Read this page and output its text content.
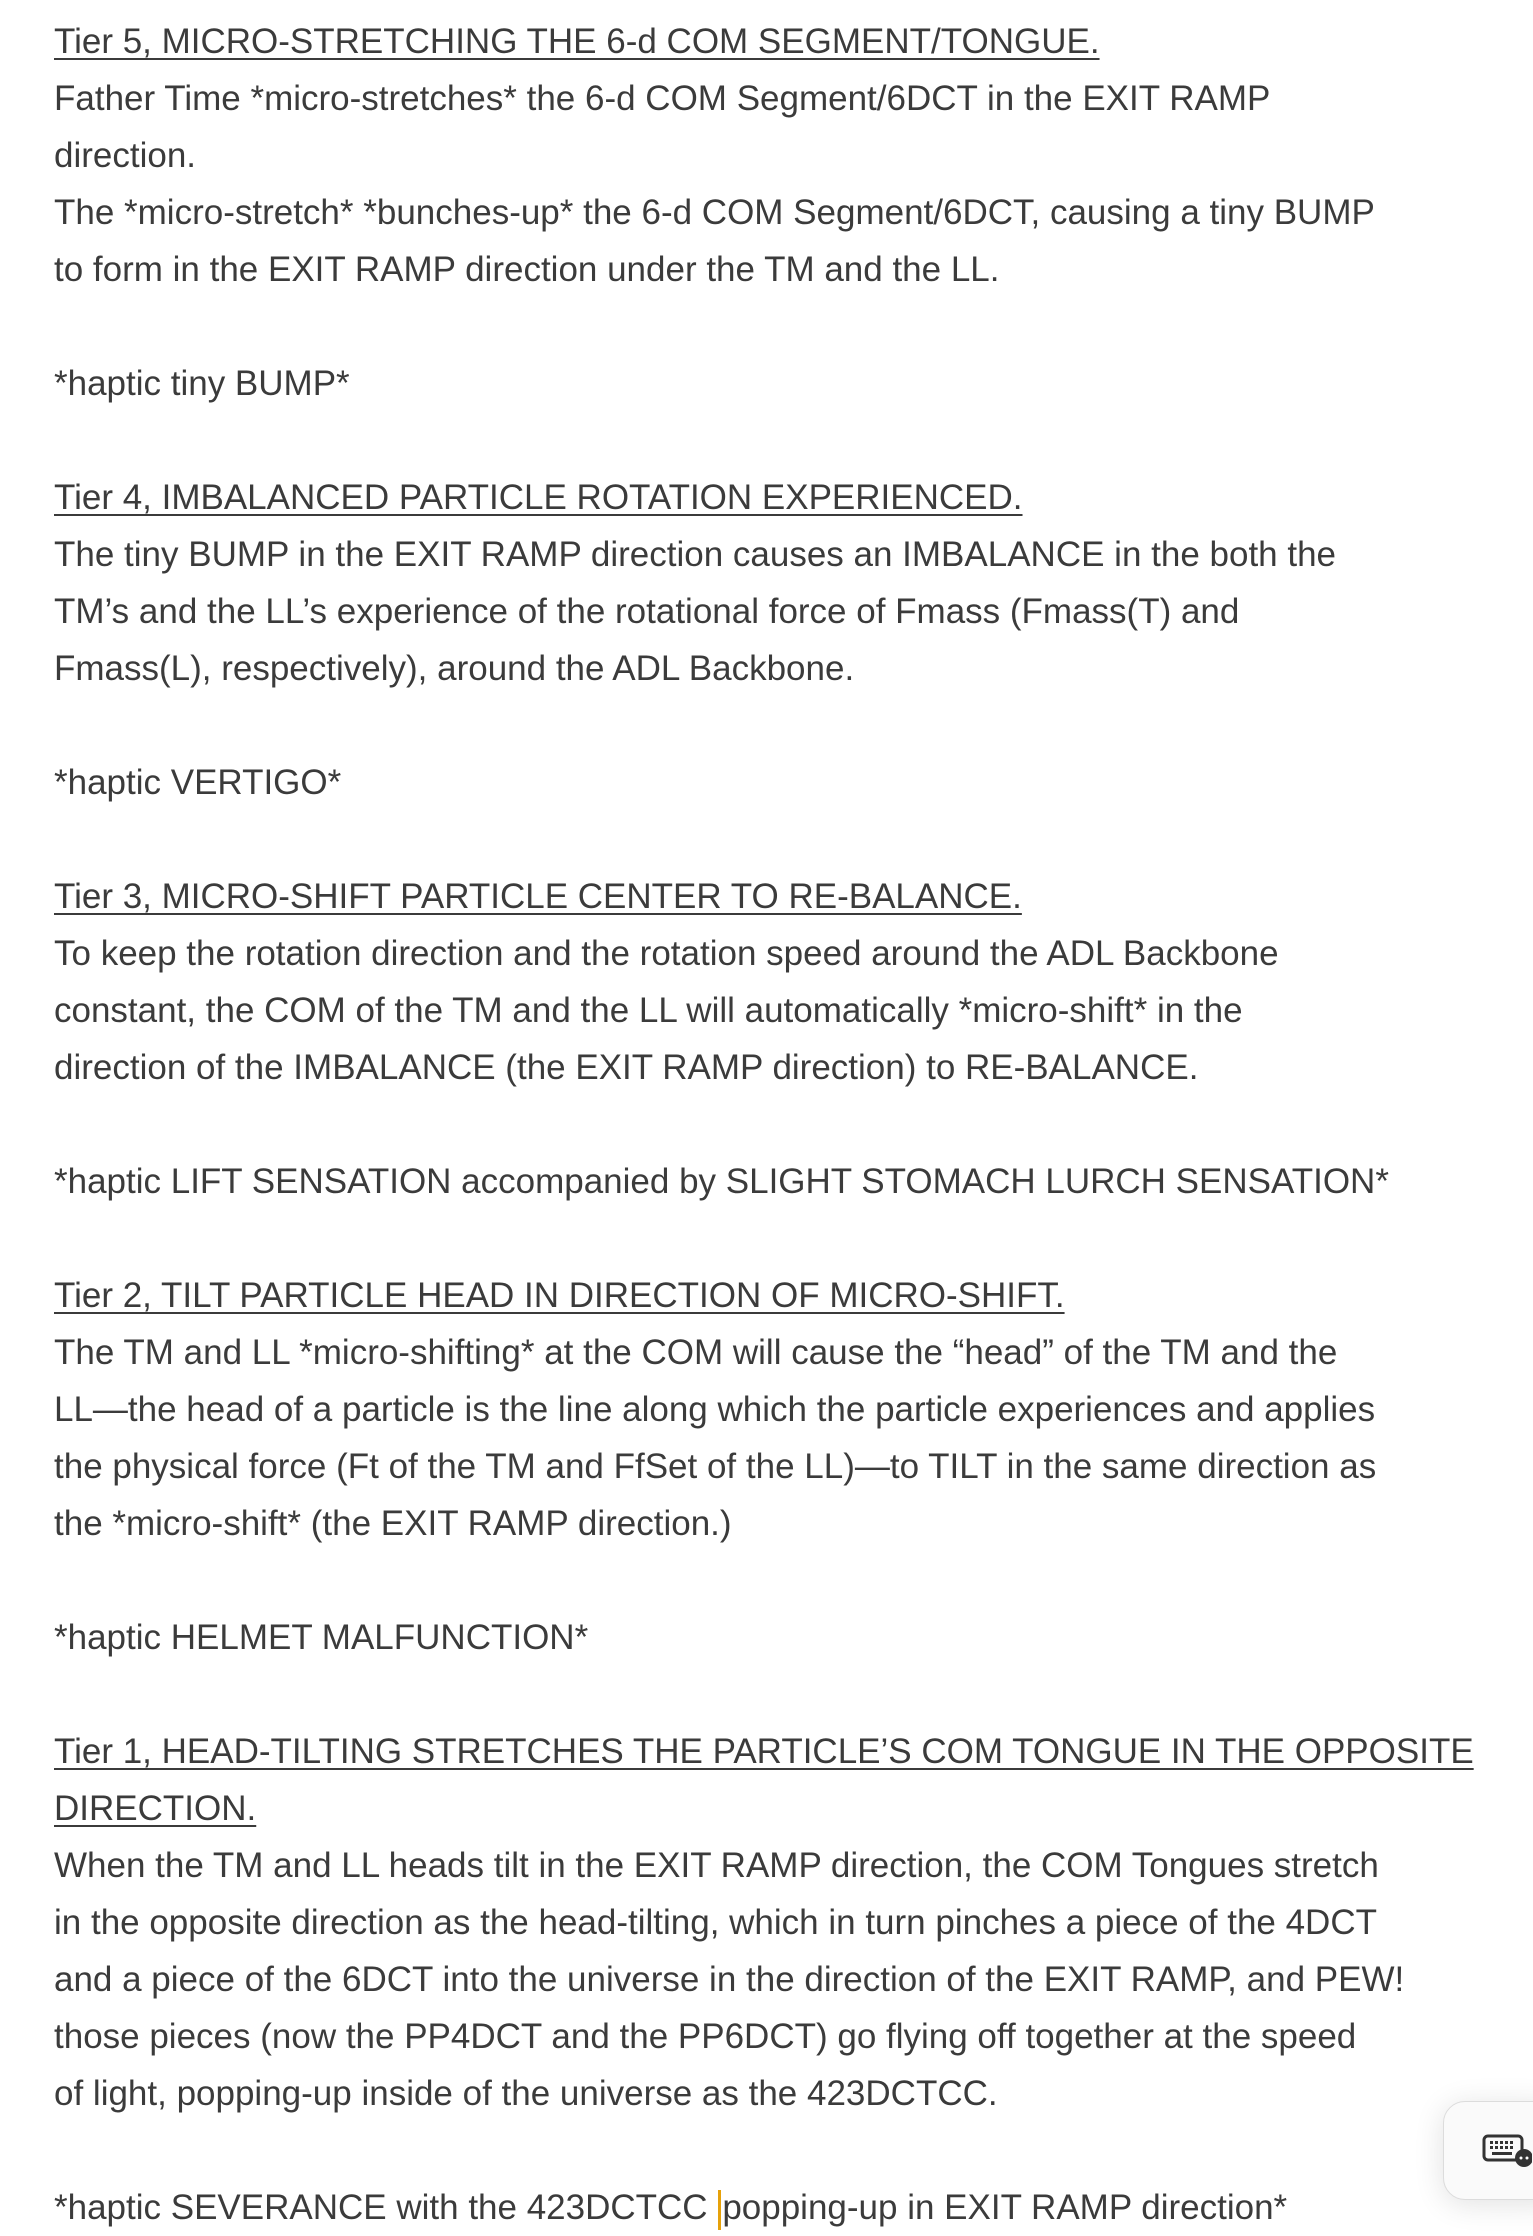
Tier 5, MICRO-STRETCHING THE 6-d COM SEGMENT/TONGUE.
Father Time *micro-stretches* the 6-d COM Segment/6DCT in the EXIT RAMP
direction.
The *micro-stretch* *bunches-up* the 6-d COM Segment/6DCT, causing a tiny BUMP
to form in the EXIT RAMP direction under the TM and the LL.
*haptic tiny BUMP*
Tier 4, IMBALANCED PARTICLE ROTATION EXPERIENCED.
The tiny BUMP in the EXIT RAMP direction causes an IMBALANCE in the both the
TM’s and the LL’s experience of the rotational force of Fmass (Fmass(T) and
Fmass(L), respectively), around the ADL Backbone.
*haptic VERTIGO*
Tier 3, MICRO-SHIFT PARTICLE CENTER TO RE-BALANCE.
To keep the rotation direction and the rotation speed around the ADL Backbone
constant, the COM of the TM and the LL will automatically *micro-shift* in the
direction of the IMBALANCE (the EXIT RAMP direction) to RE-BALANCE.
*haptic LIFT SENSATION accompanied by SLIGHT STOMACH LURCH SENSATION*
Tier 2, TILT PARTICLE HEAD IN DIRECTION OF MICRO-SHIFT.
The TM and LL *micro-shifting* at the COM will cause the “head” of the TM and the
LL—the head of a particle is the line along which the particle experiences and applies
the physical force (Ft of the TM and FfSet of the LL)—to TILT in the same direction as
the *micro-shift* (the EXIT RAMP direction.)
*haptic HELMET MALFUNCTION*
Tier 1, HEAD-TILTING STRETCHES THE PARTICLE’S COM TONGUE IN THE OPPOSITE
DIRECTION.
When the TM and LL heads tilt in the EXIT RAMP direction, the COM Tongues stretch
in the opposite direction as the head-tilting, which in turn pinches a piece of the 4DCT
and a piece of the 6DCT into the universe in the direction of the EXIT RAMP, and PEW!
those pieces (now the PP4DCT and the PP6DCT) go flying off together at the speed
of light, popping-up inside of the universe as the 423DCTCC.
*haptic SEVERANCE with the 423DCTCC popping-up in EXIT RAMP direction*
